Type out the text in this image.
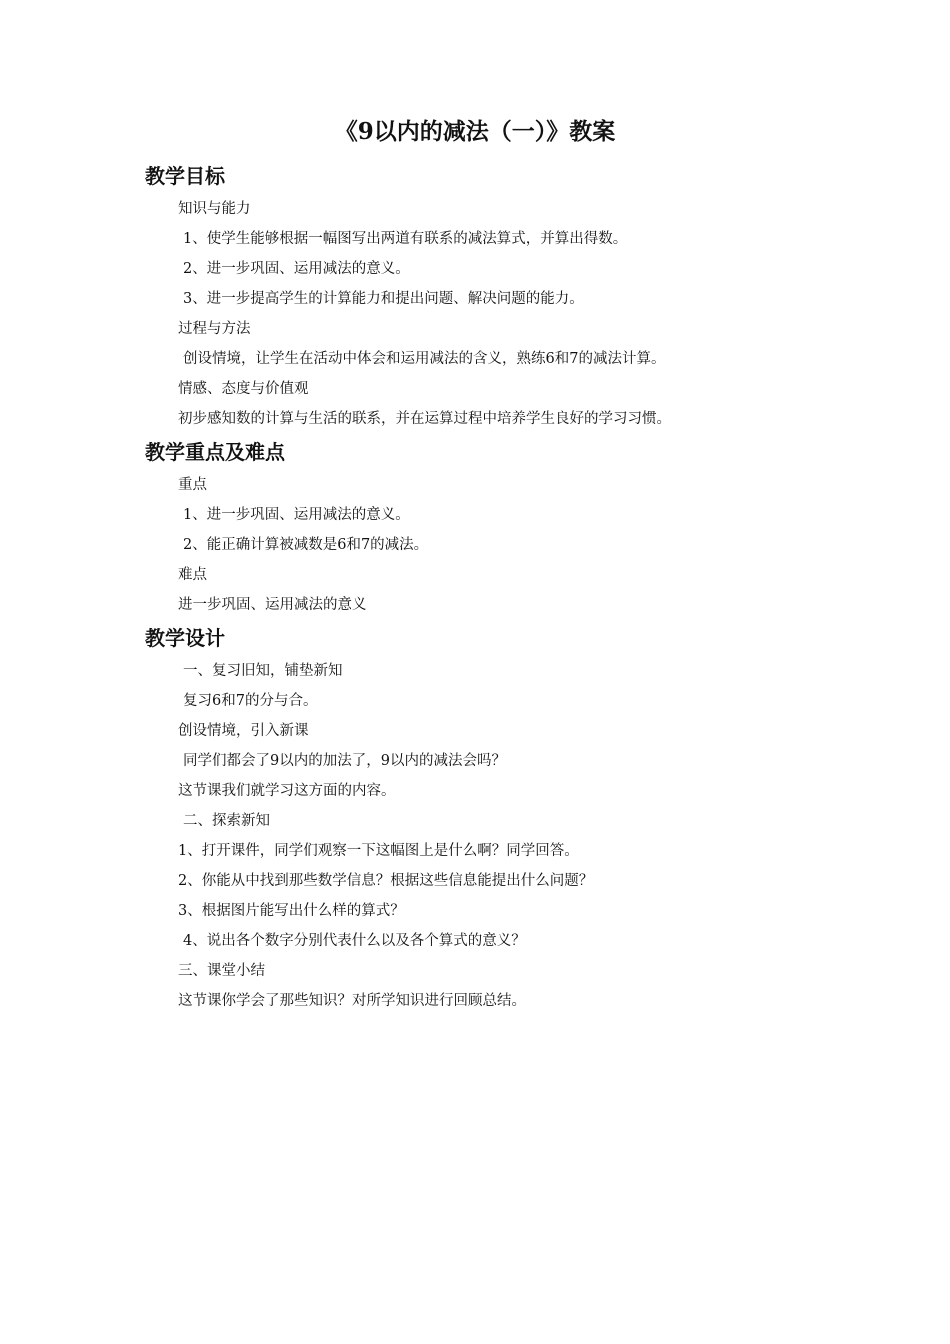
《9以内的减法（一）》教案
教学目标

知识与能力

1、使学生能够根据一幅图写出两道有联系的减法算式，并算出得数。

2、进一步巩固、运用减法的意义。

3、进一步提高学生的计算能力和提出问题、解决问题的能力。

过程与方法

创设情境，让学生在活动中体会和运用减法的含义，熟练6和7的减法计算。

情感、态度与价值观

初步感知数的计算与生活的联系，并在运算过程中培养学生良好的学习习惯。

教学重点及难点

重点

1、进一步巩固、运用减法的意义。

2、能正确计算被减数是6和7的减法。

难点

进一步巩固、运用减法的意义

教学设计

一、复习旧知，铺垫新知

复习6和7的分与合。

创设情境，引入新课

同学们都会了9以内的加法了，9以内的减法会吗？

这节课我们就学习这方面的内容。

二、探索新知

1、打开课件，同学们观察一下这幅图上是什么啊？同学回答。

2、你能从中找到那些数学信息？根据这些信息能提出什么问题？

3、根据图片能写出什么样的算式？

4、说出各个数字分别代表什么以及各个算式的意义？

三、课堂小结

这节课你学会了那些知识？对所学知识进行回顾总结。
